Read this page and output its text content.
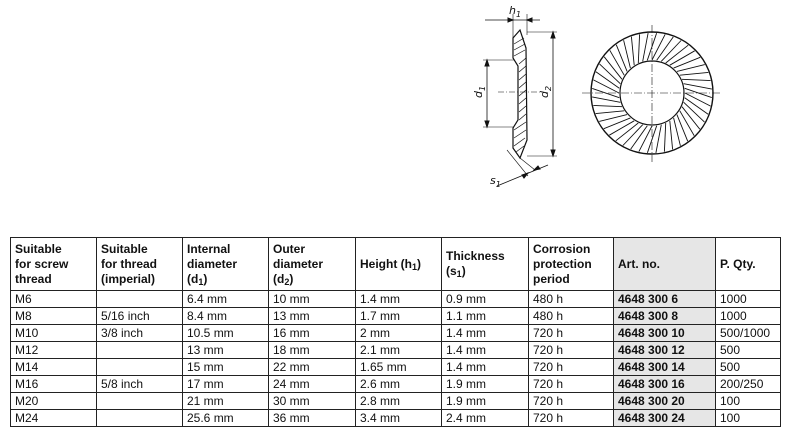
$h_1$
$d_1$
$d_2$
$s_1$
Suitable
for screw
thread	Suitable
for thread
(imperial)	Internal
diameter
$(d_1)$	Outer
diameter
$(d_2)$	Height $(h_1)$	Thickness
$(s_1)$	Corrosion
protection
period	Art. no.	P. Qty.
M6		6.4 mm	10 mm	1.4 mm	0.9 mm	480 h	4648 300 6	1000
M8	5/16 inch	8.4 mm	13 mm	1.7 mm	1.1 mm	480 h	4648 300 8	1000
M10	3/8 inch	10.5 mm	16 mm	2 mm	1.4 mm	720 h	4648 300 10	500/1000
M12		13 mm	18 mm	2.1 mm	1.4 mm	720 h	4648 300 12	500
M14		15 mm	22 mm	1.65 mm	1.4 mm	720 h	4648 300 14	500
M16	5/8 inch	17 mm	24 mm	2.6 mm	1.9 mm	720 h	4648 300 16	200/250
M20		21 mm	30 mm	2.8 mm	1.9 mm	720 h	4648 300 20	100
M24		25.6 mm	36 mm	3.4 mm	2.4 mm	720 h	4648 300 24	100
